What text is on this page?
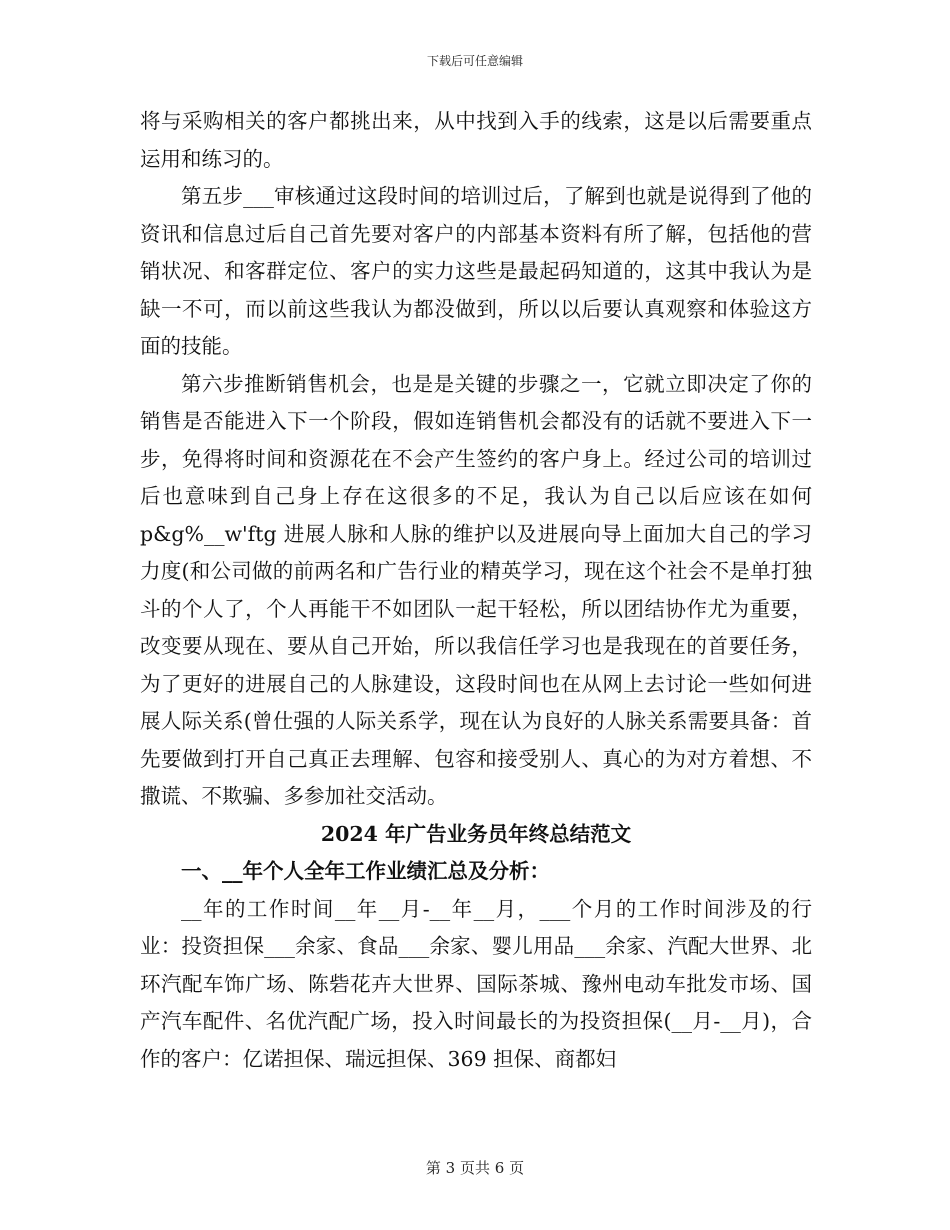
下载后可任意编辑

将与采购相关的客户都挑出来，从中找到入手的线索，这是以后需要重点运用和练习的。

第五步___审核通过这段时间的培训过后，了解到也就是说得到了他的资讯和信息过后自己首先要对客户的内部基本资料有所了解，包括他的营销状况、和客群定位、客户的实力这些是最起码知道的，这其中我认为是缺一不可，而以前这些我认为都没做到，所以以后要认真观察和体验这方面的技能。

第六步推断销售机会，也是是关键的步骤之一，它就立即决定了你的销售是否能进入下一个阶段，假如连销售机会都没有的话就不要进入下一步，免得将时间和资源花在不会产生签约的客户身上。经过公司的培训过后也意味到自己身上存在这很多的不足，我认为自己以后应该在如何 p&g%__w'ftg 进展人脉和人脉的维护以及进展向导上面加大自己的学习力度(和公司做的前两名和广告行业的精英学习，现在这个社会不是单打独斗的个人了，个人再能干不如团队一起干轻松，所以团结协作尤为重要，改变要从现在、要从自己开始，所以我信任学习也是我现在的首要任务，为了更好的进展自己的人脉建设，这段时间也在从网上去讨论一些如何进展人际关系(曾仕强的人际关系学，现在认为良好的人脉关系需要具备：首先要做到打开自己真正去理解、包容和接受别人、真心的为对方着想、不撒谎、不欺骗、多参加社交活动。

2024 年广告业务员年终总结范文

一、__年个人全年工作业绩汇总及分析：

__年的工作时间__年__月-__年__月，___个月的工作时间涉及的行业：投资担保___余家、食品___余家、婴儿用品___余家、汽配大世界、北环汽配车饰广场、陈砦花卉大世界、国际茶城、豫州电动车批发市场、国产汽车配件、名优汽配广场，投入时间最长的为投资担保(__月-__月)，合作的客户：亿诺担保、瑞远担保、369 担保、商都妇

第 3 页共 6 页
